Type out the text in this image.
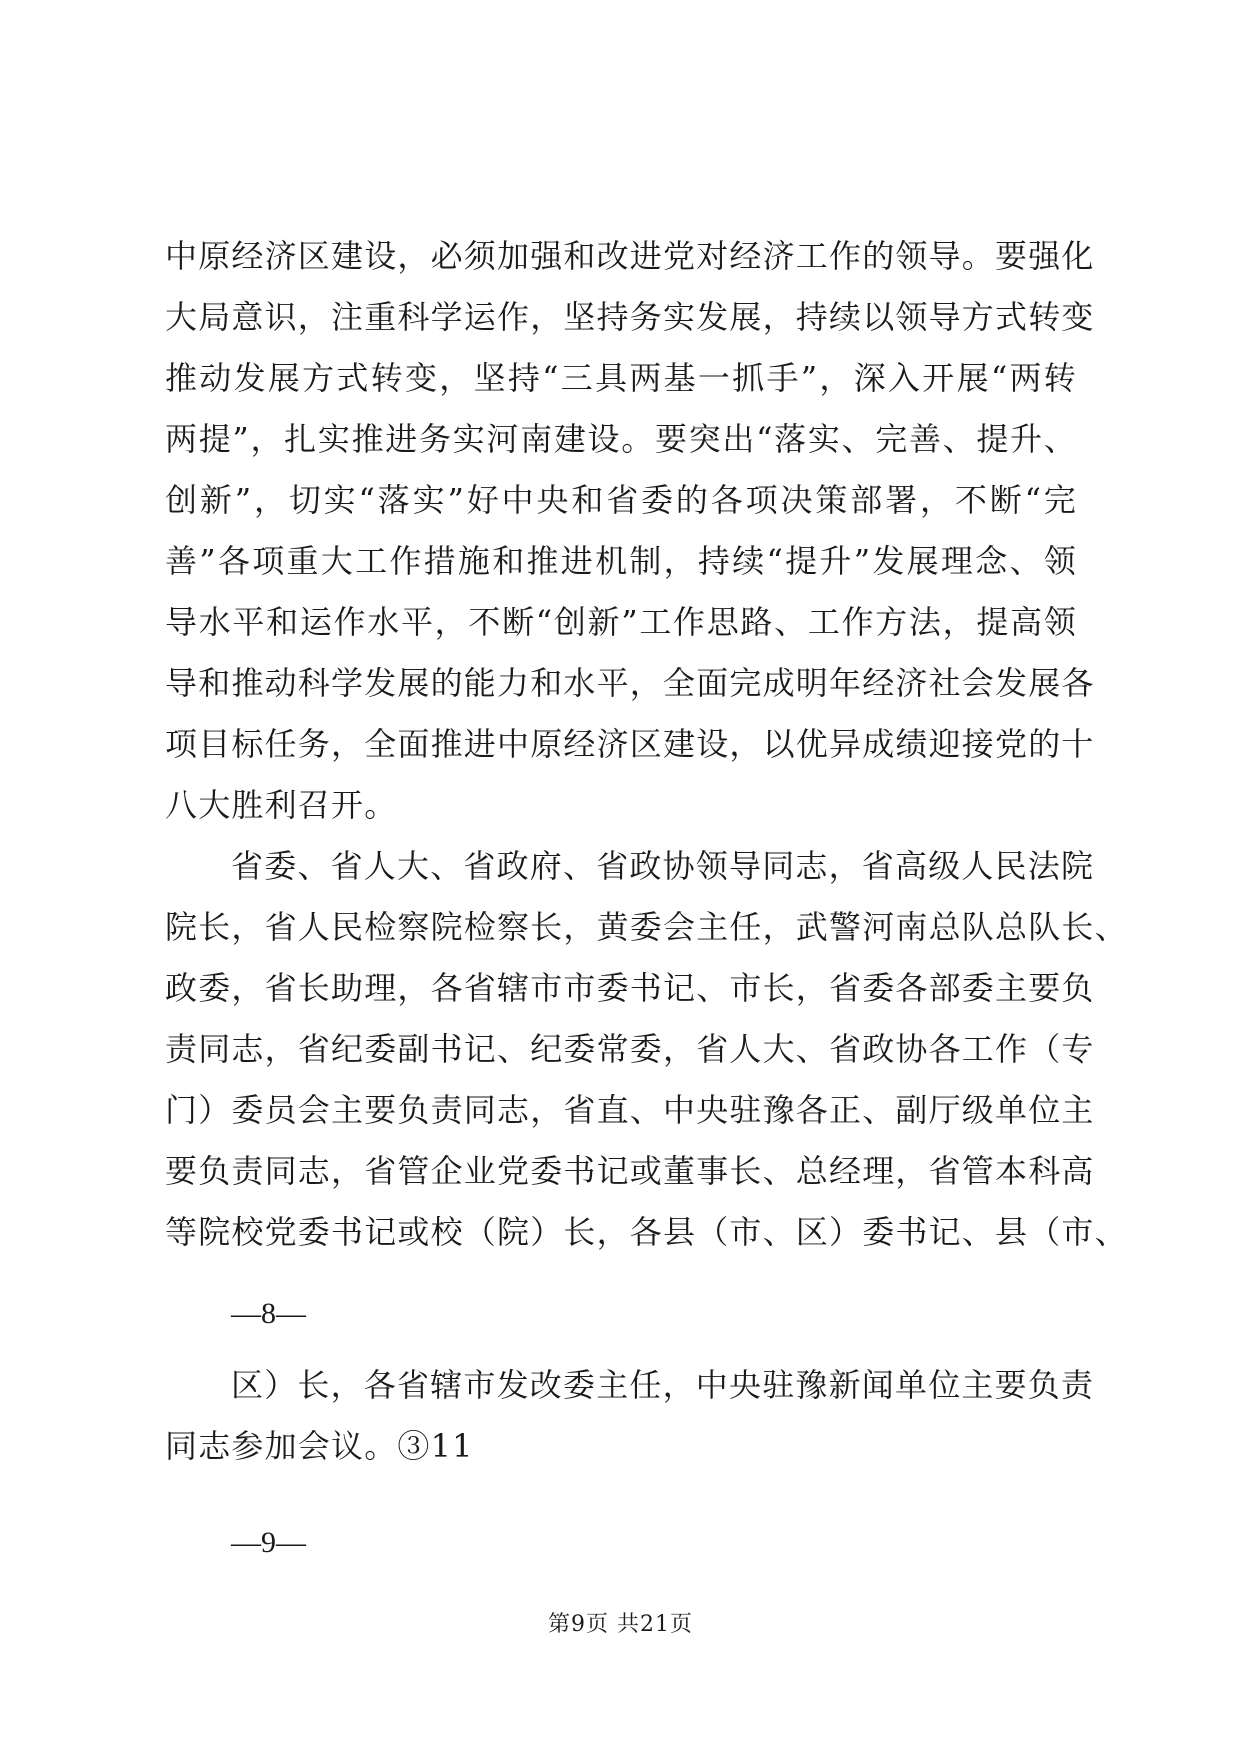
中原经济区建设，必须加强和改进党对经济工作的领导。要强化
大局意识，注重科学运作，坚持务实发展，持续以领导方式转变
推动发展方式转变，坚持“三具两基一抓手”，深入开展“两转
两提”，扎实推进务实河南建设。要突出“落实、完善、提升、
创新”，切实“落实”好中央和省委的各项决策部署，不断“完
善”各项重大工作措施和推进机制，持续“提升”发展理念、领
导水平和运作水平，不断“创新”工作思路、工作方法，提高领
导和推动科学发展的能力和水平，全面完成明年经济社会发展各
项目标任务，全面推进中原经济区建设，以优异成绩迎接党的十
八大胜利召开。
省委、省人大、省政府、省政协领导同志，省高级人民法院
院长，省人民检察院检察长，黄委会主任，武警河南总队总队长、
政委，省长助理，各省辖市市委书记、市长，省委各部委主要负
责同志，省纪委副书记、纪委常委，省人大、省政协各工作（专
门）委员会主要负责同志，省直、中央驻豫各正、副厅级单位主
要负责同志，省管企业党委书记或董事长、总经理，省管本科高
等院校党委书记或校（院）长，各县（市、区）委书记、县（市、
—8—
区）长，各省辖市发改委主任，中央驻豫新闻单位主要负责
同志参加会议。③11
—9—
第9页 共21页
